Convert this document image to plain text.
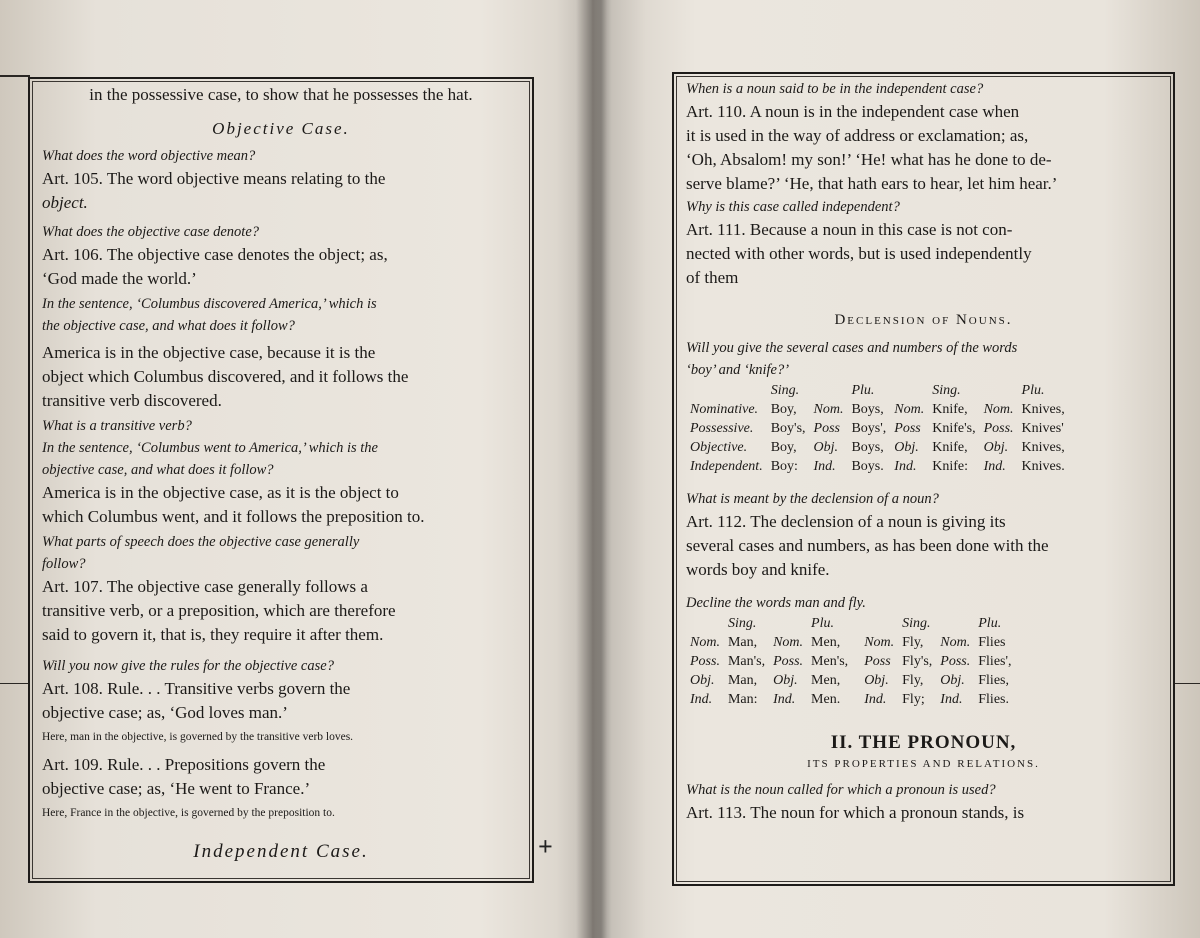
in the possessive case, to show that he possesses the hat.
Objective Case.
What does the word objective mean?
Art. 105. The word objective means relating to the
object.
What does the objective case denote?
Art. 106. The objective case denotes the object; as,
‘God made the world.’
In the sentence, ‘Columbus discovered America,’ which is
the objective case, and what does it follow?
America is in the objective case, because it is the
object which Columbus discovered, and it follows the
transitive verb discovered.
What is a transitive verb?
In the sentence, ‘Columbus went to America,’ which is the
objective case, and what does it follow?
America is in the objective case, as it is the object to
which Columbus went, and it follows the preposition to.
What parts of speech does the objective case generally
follow?
Art. 107. The objective case generally follows a
transitive verb, or a preposition, which are therefore
said to govern it, that is, they require it after them.
Will you now give the rules for the objective case?
Art. 108. Rule. . . Transitive verbs govern the
objective case; as, ‘God loves man.’
Here, man in the objective, is governed by the transitive verb loves.
Art. 109. Rule. . . Prepositions govern the
objective case; as, ‘He went to France.’
Here, France in the objective, is governed by the preposition to.
Independent Case.	+
When is a noun said to be in the independent case?
Art. 110. A noun is in the independent case when
it is used in the way of address or exclamation; as,
‘Oh, Absalom! my son!’ ‘He! what has he done to de-
serve blame?’ ‘He, that hath ears to hear, let him hear.’
Why is this case called independent?
Art. 111. Because a noun in this case is not con-
nected with other words, but is used independently
of them
Declension of Nouns.
Will you give the several cases and numbers of the words
‘boy’ and ‘knife?’
	Sing.		Plu.		Sing.		Plu.
Nominative.	Boy,	Nom.	Boys,	Nom.	Knife,	Nom.	Knives,
Possessive.	Boy's,	Poss	Boys',	Poss	Knife's,	Poss.	Knives'
Objective.	Boy,	Obj.	Boys,	Obj.	Knife,	Obj.	Knives,
Independent.	Boy:	Ind.	Boys.	Ind.	Knife:	Ind.	Knives.
What is meant by the declension of a noun?
Art. 112. The declension of a noun is giving its
several cases and numbers, as has been done with the
words boy and knife.
Decline the words man and fly.
	Sing.		Plu.			Sing.		Plu.
Nom.	Man,	Nom.	Men,		Nom.	Fly,	Nom.	Flies
Poss.	Man's,	Poss.	Men's,		Poss	Fly's,	Poss.	Flies',
Obj.	Man,	Obj.	Men,		Obj.	Fly,	Obj.	Flies,
Ind.	Man:	Ind.	Men.		Ind.	Fly;	Ind.	Flies.
II. THE PRONOUN,
ITS PROPERTIES AND RELATIONS.
What is the noun called for which a pronoun is used?
Art. 113. The noun for which a pronoun stands, is
